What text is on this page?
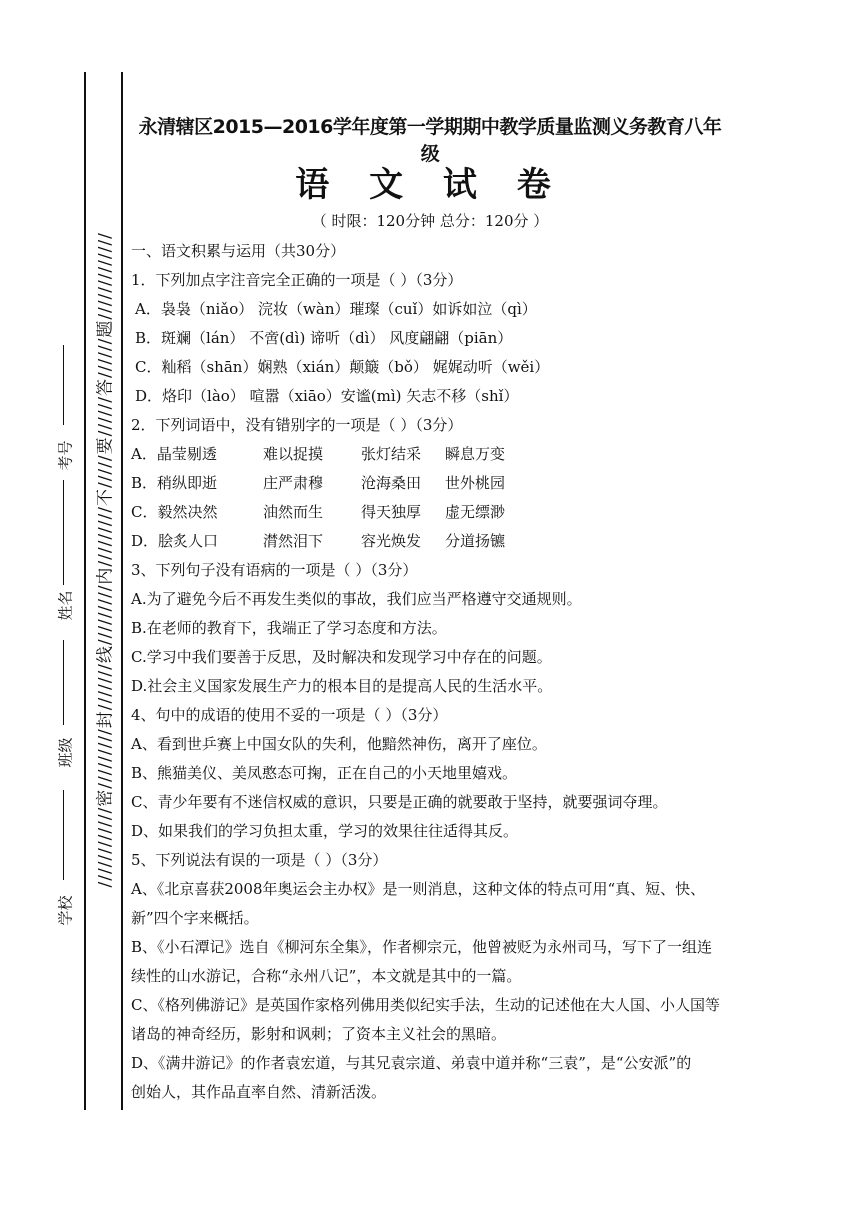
考号
姓名
班级
学校
////////////密/////////封///////线/////////内/////////不/////要//////答//////题/////////////
永清辖区2015—2016学年度第一学期期中教学质量监测义务教育八年级
语 文 试 卷
（ 时限：120分钟 总分：120分 ）
一、语文积累与运用（共30分）
1．下列加点字注音完全正确的一项是（ ）（3分）
A．袅袅（niǎo） 浣妆（wàn）璀璨（cuǐ）如诉如泣（qì）
B．斑斓（lán） 不啻(dì) 谛听（dì） 风度翩翩（piān）
C．籼稻（shān）娴熟（xián）颠簸（bǒ） 娓娓动听（wěi）
D．烙印（lào） 喧嚣（xiāo）安谧(mì) 矢志不移（shǐ）
2．下列词语中，没有错别字的一项是（ ）（3分）
A．晶莹剔透	难以捉摸	张灯结采 瞬息万变
B．稍纵即逝	庄严肃穆	沧海桑田 世外桃园
C．毅然决然	油然而生	得天独厚 虚无缥渺
D．脍炙人口	潸然泪下	容光焕发 分道扬镳
3、下列句子没有语病的一项是（ ）（3分）
A.为了避免今后不再发生类似的事故，我们应当严格遵守交通规则。
B.在老师的教育下，我端正了学习态度和方法。
C.学习中我们要善于反思，及时解决和发现学习中存在的问题。
D.社会主义国家发展生产力的根本目的是提高人民的生活水平。
4、句中的成语的使用不妥的一项是（ ）（3分）
A、看到世乒赛上中国女队的失利，他黯然神伤，离开了座位。
B、熊猫美仪、美凤憨态可掬，正在自己的小天地里嬉戏。
C、青少年要有不迷信权威的意识，只要是正确的就要敢于坚持，就要强词夺理。
D、如果我们的学习负担太重，学习的效果往往适得其反。
5、下列说法有误的一项是（ ）（3分）
A、《北京喜获2008年奥运会主办权》是一则消息，这种文体的特点可用“真、短、快、
新”四个字来概括。
B、《小石潭记》选自《柳河东全集》，作者柳宗元，他曾被贬为永州司马，写下了一组连
续性的山水游记，合称“永州八记”，本文就是其中的一篇。
C、《格列佛游记》是英国作家格列佛用类似纪实手法，生动的记述他在大人国、小人国等
诸岛的神奇经历，影射和讽刺；了资本主义社会的黑暗。
D、《满井游记》的作者袁宏道，与其兄袁宗道、弟袁中道并称“三袁”，是“公安派”的
创始人，其作品直率自然、清新活泼。
